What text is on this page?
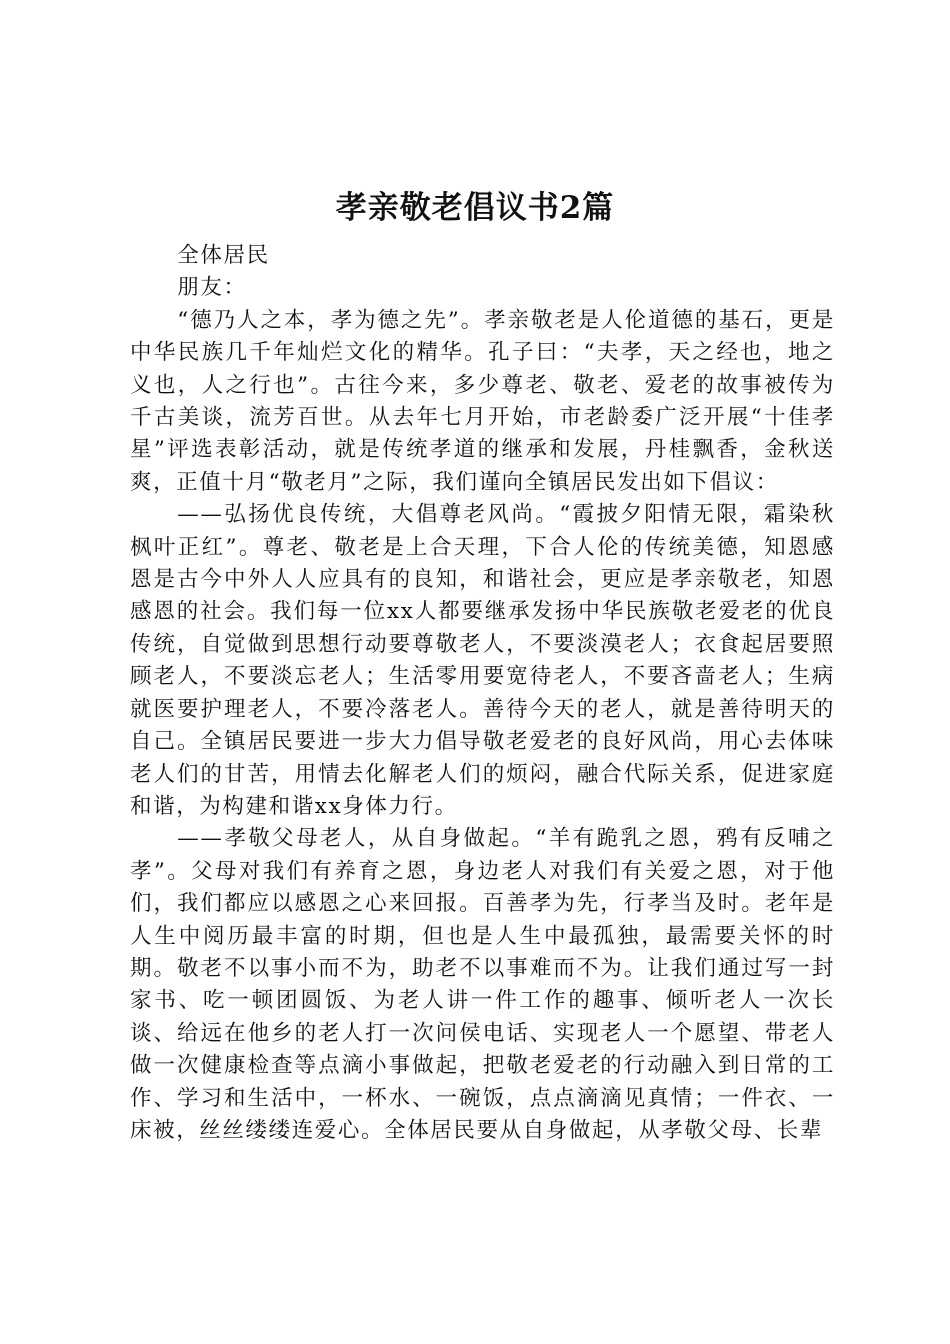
孝亲敬老倡议书2篇

全体居民

朋友：

“德乃人之本，孝为德之先”。孝亲敬老是人伦道德的基石，更是中华民族几千年灿烂文化的精华。孔子曰：“夫孝，天之经也，地之义也，人之行也”。古往今来，多少尊老、敬老、爱老的故事被传为千古美谈，流芳百世。从去年七月开始，市老龄委广泛开展“十佳孝星”评选表彰活动，就是传统孝道的继承和发展，丹桂飘香，金秋送爽，正值十月“敬老月”之际，我们谨向全镇居民发出如下倡议：

——弘扬优良传统，大倡尊老风尚。“霞披夕阳情无限，霜染秋枫叶正红”。尊老、敬老是上合天理，下合人伦的传统美德，知恩感恩是古今中外人人应具有的良知，和谐社会，更应是孝亲敬老，知恩感恩的社会。我们每一位xx人都要继承发扬中华民族敬老爱老的优良传统，自觉做到思想行动要尊敬老人，不要淡漠老人；衣食起居要照顾老人，不要淡忘老人；生活零用要宽待老人，不要吝啬老人；生病就医要护理老人，不要冷落老人。善待今天的老人，就是善待明天的自己。全镇居民要进一步大力倡导敬老爱老的良好风尚，用心去体味老人们的甘苦，用情去化解老人们的烦闷，融合代际关系，促进家庭和谐，为构建和谐xx身体力行。

——孝敬父母老人，从自身做起。“羊有跪乳之恩，鸦有反哺之孝”。父母对我们有养育之恩，身边老人对我们有关爱之恩，对于他们，我们都应以感恩之心来回报。百善孝为先，行孝当及时。老年是人生中阅历最丰富的时期，但也是人生中最孤独，最需要关怀的时期。敬老不以事小而不为，助老不以事难而不为。让我们通过写一封家书、吃一顿团圆饭、为老人讲一件工作的趣事、倾听老人一次长谈、给远在他乡的老人打一次问侯电话、实现老人一个愿望、带老人做一次健康检查等点滴小事做起，把敬老爱老的行动融入到日常的工作、学习和生活中，一杯水、一碗饭，点点滴滴见真情；一件衣、一床被，丝丝缕缕连爱心。全体居民要从自身做起，从孝敬父母、长辈
